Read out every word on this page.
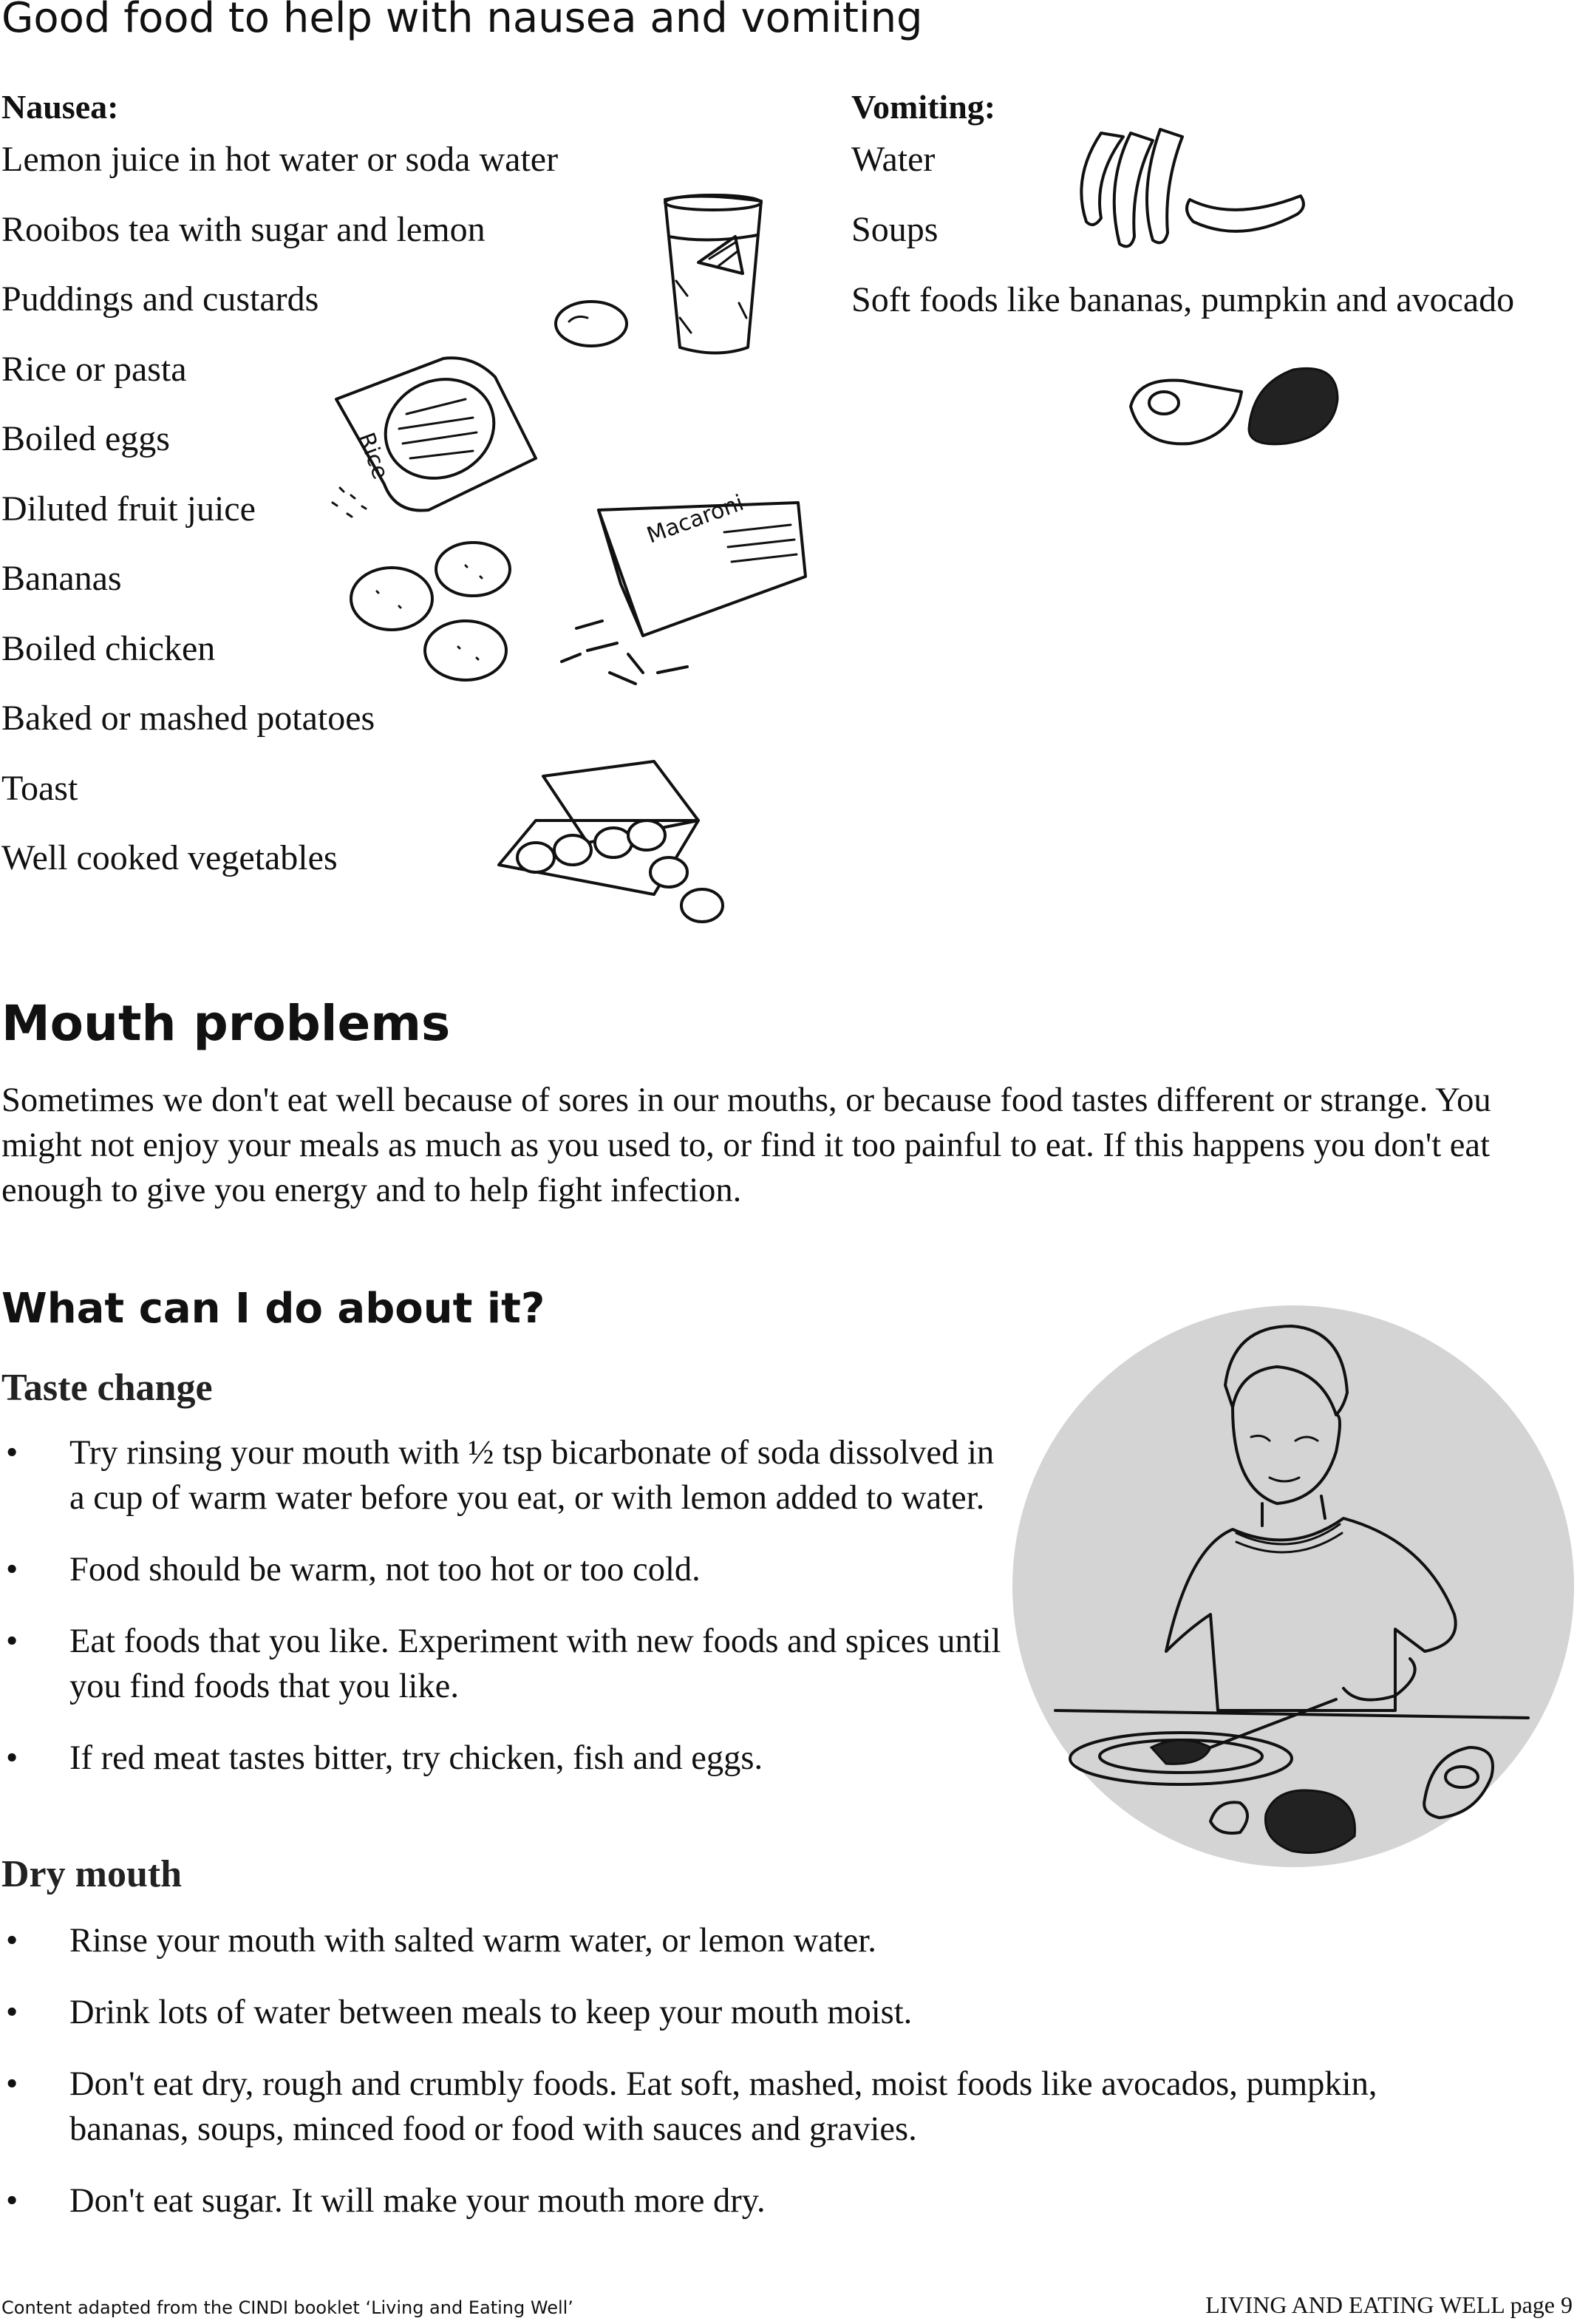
Good food to help with nausea and vomiting
Nausea:
Lemon juice in hot water or soda water
Rooibos tea with sugar and lemon
Puddings and custards
Rice or pasta
Boiled eggs
Diluted fruit juice
Bananas
Boiled chicken
Baked or mashed potatoes
Toast
Well cooked vegetables
Vomiting:
Water
Soups
Soft foods like bananas, pumpkin and avocado
Rice
Macaroni
Mouth problems

Sometimes we don't eat well because of sores in our mouths, or because food tastes different or strange. You might not enjoy your meals as much as you used to, or find it too painful to eat. If this happens you don't eat enough to give you energy and to help fight infection.

What can I do about it?
Taste change
• Try rinsing your mouth with ½ tsp bicarbonate of soda dissolved in a cup of warm water before you eat, or with lemon added to water.
• Food should be warm, not too hot or too cold.
• Eat foods that you like. Experiment with new foods and spices until you find foods that you like.
• If red meat tastes bitter, try chicken, fish and eggs.
Dry mouth
• Rinse your mouth with salted warm water, or lemon water.
• Drink lots of water between meals to keep your mouth moist.
• Don't eat dry, rough and crumbly foods. Eat soft, mashed, moist foods like avocados, pumpkin, bananas, soups, minced food or food with sauces and gravies.
• Don't eat sugar. It will make your mouth more dry.
Content adapted from the CINDI booklet ‘Living and Eating Well’	LIVING AND EATING WELL page 9
